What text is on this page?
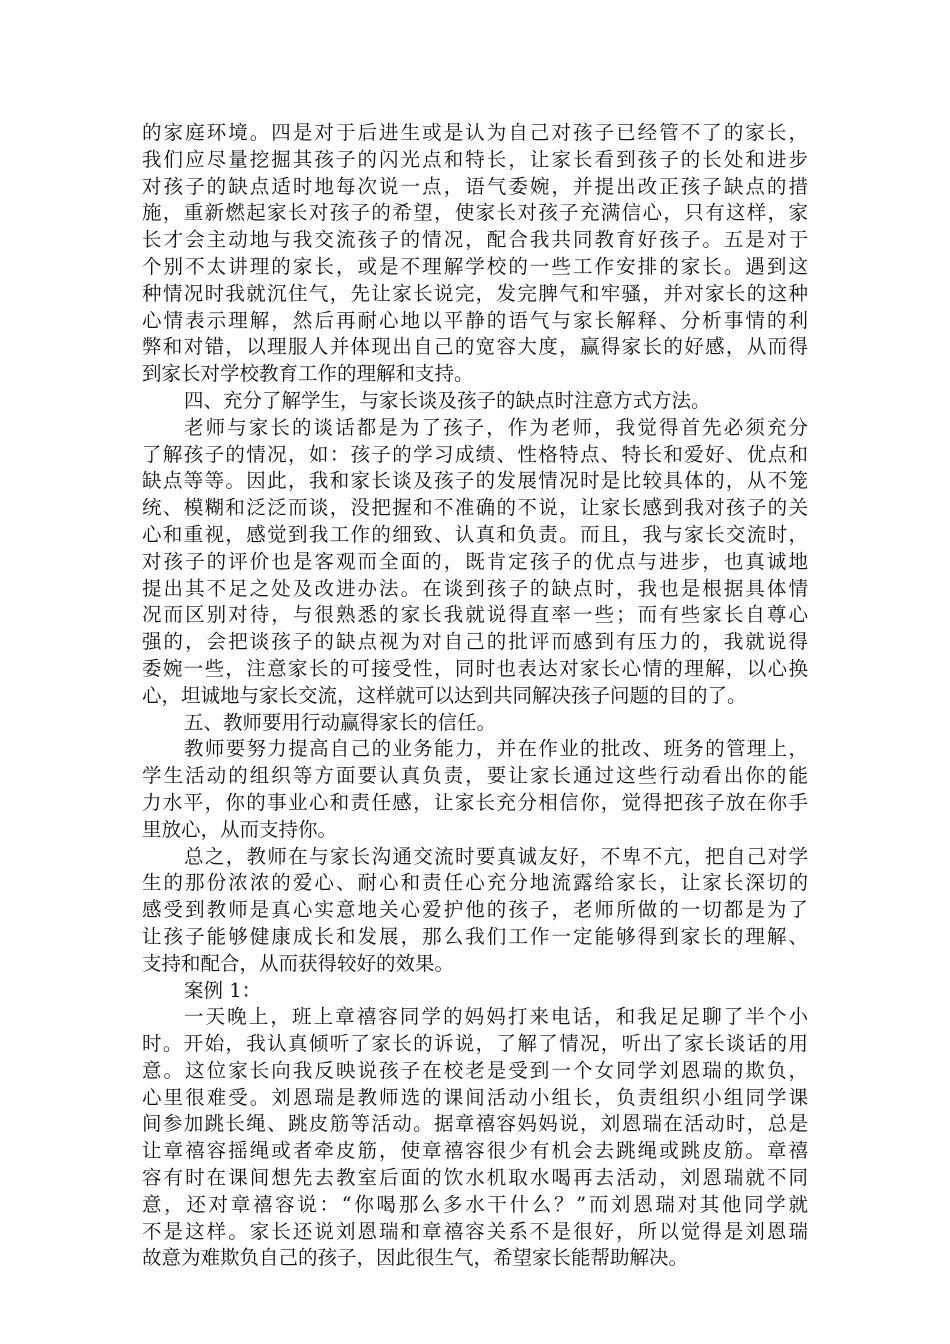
的家庭环境。四是对于后进生或是认为自己对孩子已经管不了的家长，
我们应尽量挖掘其孩子的闪光点和特长，让家长看到孩子的长处和进步
对孩子的缺点适时地每次说一点，语气委婉，并提出改正孩子缺点的措
施，重新燃起家长对孩子的希望，使家长对孩子充满信心，只有这样，家
长才会主动地与我交流孩子的情况，配合我共同教育好孩子。五是对于
个别不太讲理的家长，或是不理解学校的一些工作安排的家长。遇到这
种情况时我就沉住气，先让家长说完，发完脾气和牢骚，并对家长的这种
心情表示理解，然后再耐心地以平静的语气与家长解释、分析事情的利
弊和对错，以理服人并体现出自己的宽容大度，赢得家长的好感，从而得
到家长对学校教育工作的理解和支持。
四、充分了解学生，与家长谈及孩子的缺点时注意方式方法。
老师与家长的谈话都是为了孩子，作为老师，我觉得首先必须充分
了解孩子的情况，如：孩子的学习成绩、性格特点、特长和爱好、优点和
缺点等等。因此，我和家长谈及孩子的发展情况时是比较具体的，从不笼
统、模糊和泛泛而谈，没把握和不准确的不说，让家长感到我对孩子的关
心和重视，感觉到我工作的细致、认真和负责。而且，我与家长交流时，
对孩子的评价也是客观而全面的，既肯定孩子的优点与进步，也真诚地
提出其不足之处及改进办法。在谈到孩子的缺点时，我也是根据具体情
况而区别对待，与很熟悉的家长我就说得直率一些；而有些家长自尊心
强的，会把谈孩子的缺点视为对自己的批评而感到有压力的，我就说得
委婉一些，注意家长的可接受性，同时也表达对家长心情的理解，以心换
心，坦诚地与家长交流，这样就可以达到共同解决孩子问题的目的了。
五、教师要用行动赢得家长的信任。
教师要努力提高自己的业务能力，并在作业的批改、班务的管理上，
学生活动的组织等方面要认真负责，要让家长通过这些行动看出你的能
力水平，你的事业心和责任感，让家长充分相信你，觉得把孩子放在你手
里放心，从而支持你。
总之，教师在与家长沟通交流时要真诚友好，不卑不亢，把自己对学
生的那份浓浓的爱心、耐心和责任心充分地流露给家长，让家长深切的
感受到教师是真心实意地关心爱护他的孩子，老师所做的一切都是为了
让孩子能够健康成长和发展，那么我们工作一定能够得到家长的理解、
支持和配合，从而获得较好的效果。
案例 1：
一天晚上，班上章禧容同学的妈妈打来电话，和我足足聊了半个小
时。开始，我认真倾听了家长的诉说，了解了情况，听出了家长谈话的用
意。这位家长向我反映说孩子在校老是受到一个女同学刘恩瑞的欺负，
心里很难受。刘恩瑞是教师选的课间活动小组长，负责组织小组同学课
间参加跳长绳、跳皮筋等活动。据章禧容妈妈说，刘恩瑞在活动时，总是
让章禧容摇绳或者牵皮筋，使章禧容很少有机会去跳绳或跳皮筋。章禧
容有时在课间想先去教室后面的饮水机取水喝再去活动，刘恩瑞就不同
意，还对章禧容说：“你喝那么多水干什么？”而刘恩瑞对其他同学就
不是这样。家长还说刘恩瑞和章禧容关系不是很好，所以觉得是刘恩瑞
故意为难欺负自己的孩子，因此很生气，希望家长能帮助解决。
